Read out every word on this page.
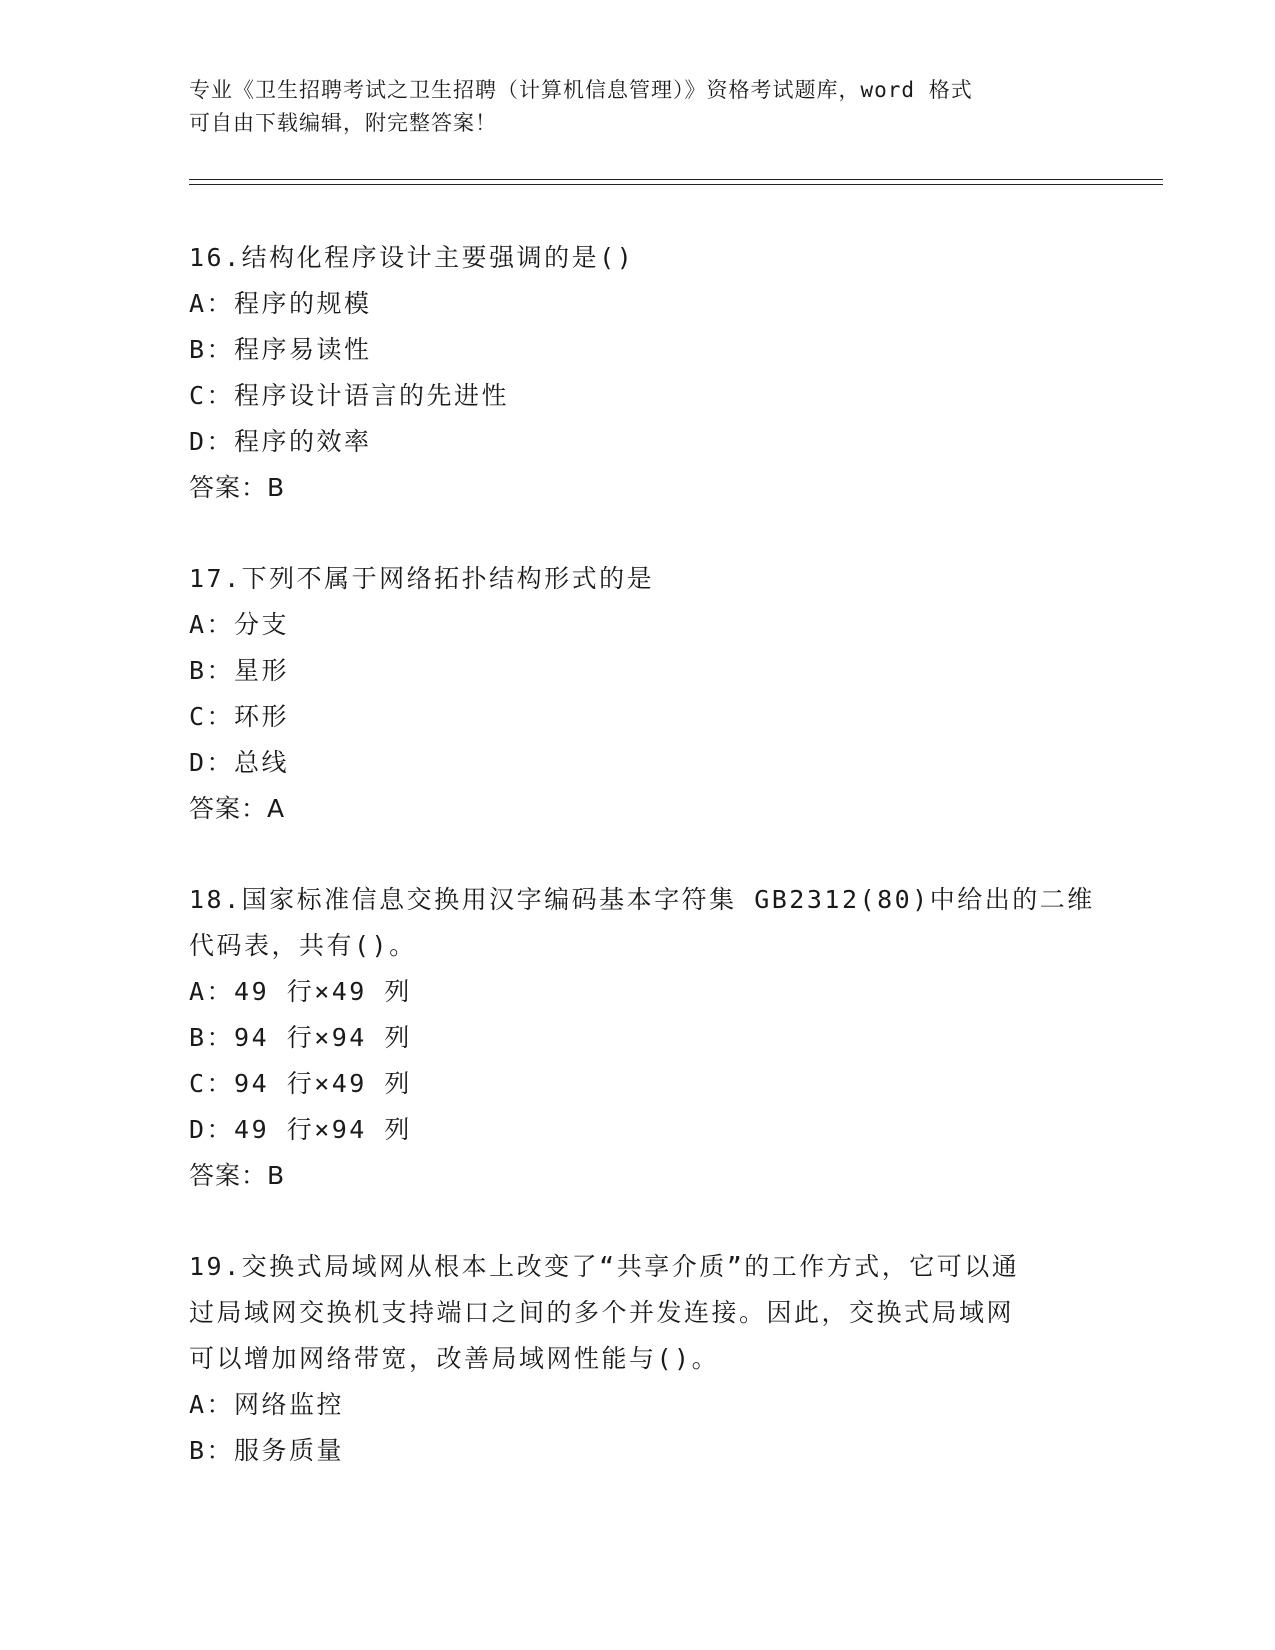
专业《卫生招聘考试之卫生招聘（计算机信息管理）》资格考试题库，word 格式
可自由下载编辑，附完整答案！
16.结构化程序设计主要强调的是()
A：程序的规模
B：程序易读性
C：程序设计语言的先进性
D：程序的效率
答案：B
17.下列不属于网络拓扑结构形式的是
A：分支
B：星形
C：环形
D：总线
答案：A
18.国家标准信息交换用汉字编码基本字符集 GB2312(80)中给出的二维
代码表，共有()。
A：49 行×49 列
B：94 行×94 列
C：94 行×49 列
D：49 行×94 列
答案：B
19.交换式局域网从根本上改变了“共享介质”的工作方式，它可以通
过局域网交换机支持端口之间的多个并发连接。因此，交换式局域网
可以增加网络带宽，改善局域网性能与()。
A：网络监控
B：服务质量
